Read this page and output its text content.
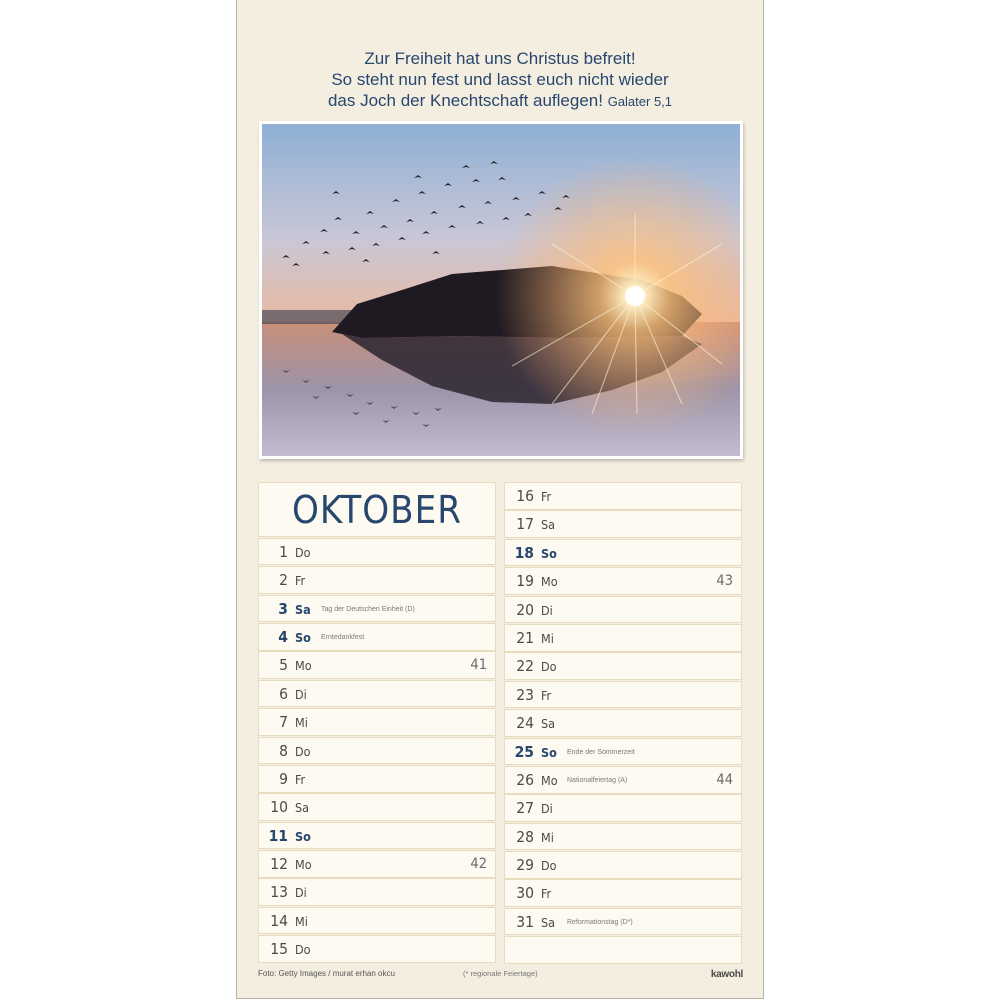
Zur Freiheit hat uns Christus befreit!
So steht nun fest und lasst euch nicht wieder
das Joch der Knechtschaft auflegen! Galater 5,1
OKTOBER
1 Do
2 Fr
3 Sa Tag der Deutschen Einheit (D)
4 So Erntedankfest
5 Mo	41
6 Di
7 Mi
8 Do
9 Fr
10 Sa
11 So
12 Mo	42
13 Di
14 Mi
15 Do
16 Fr
17 Sa
18 So
19 Mo	43
20 Di
21 Mi
22 Do
23 Fr
24 Sa
25 So Ende der Sommerzeit
26 Mo Nationalfeiertag (A)	44
27 Di
28 Mi
29 Do
30 Fr
31 Sa Reformationstag (D*)
Foto: Getty Images / murat erhan okcu	(* regionale Feiertage)	kawohl
